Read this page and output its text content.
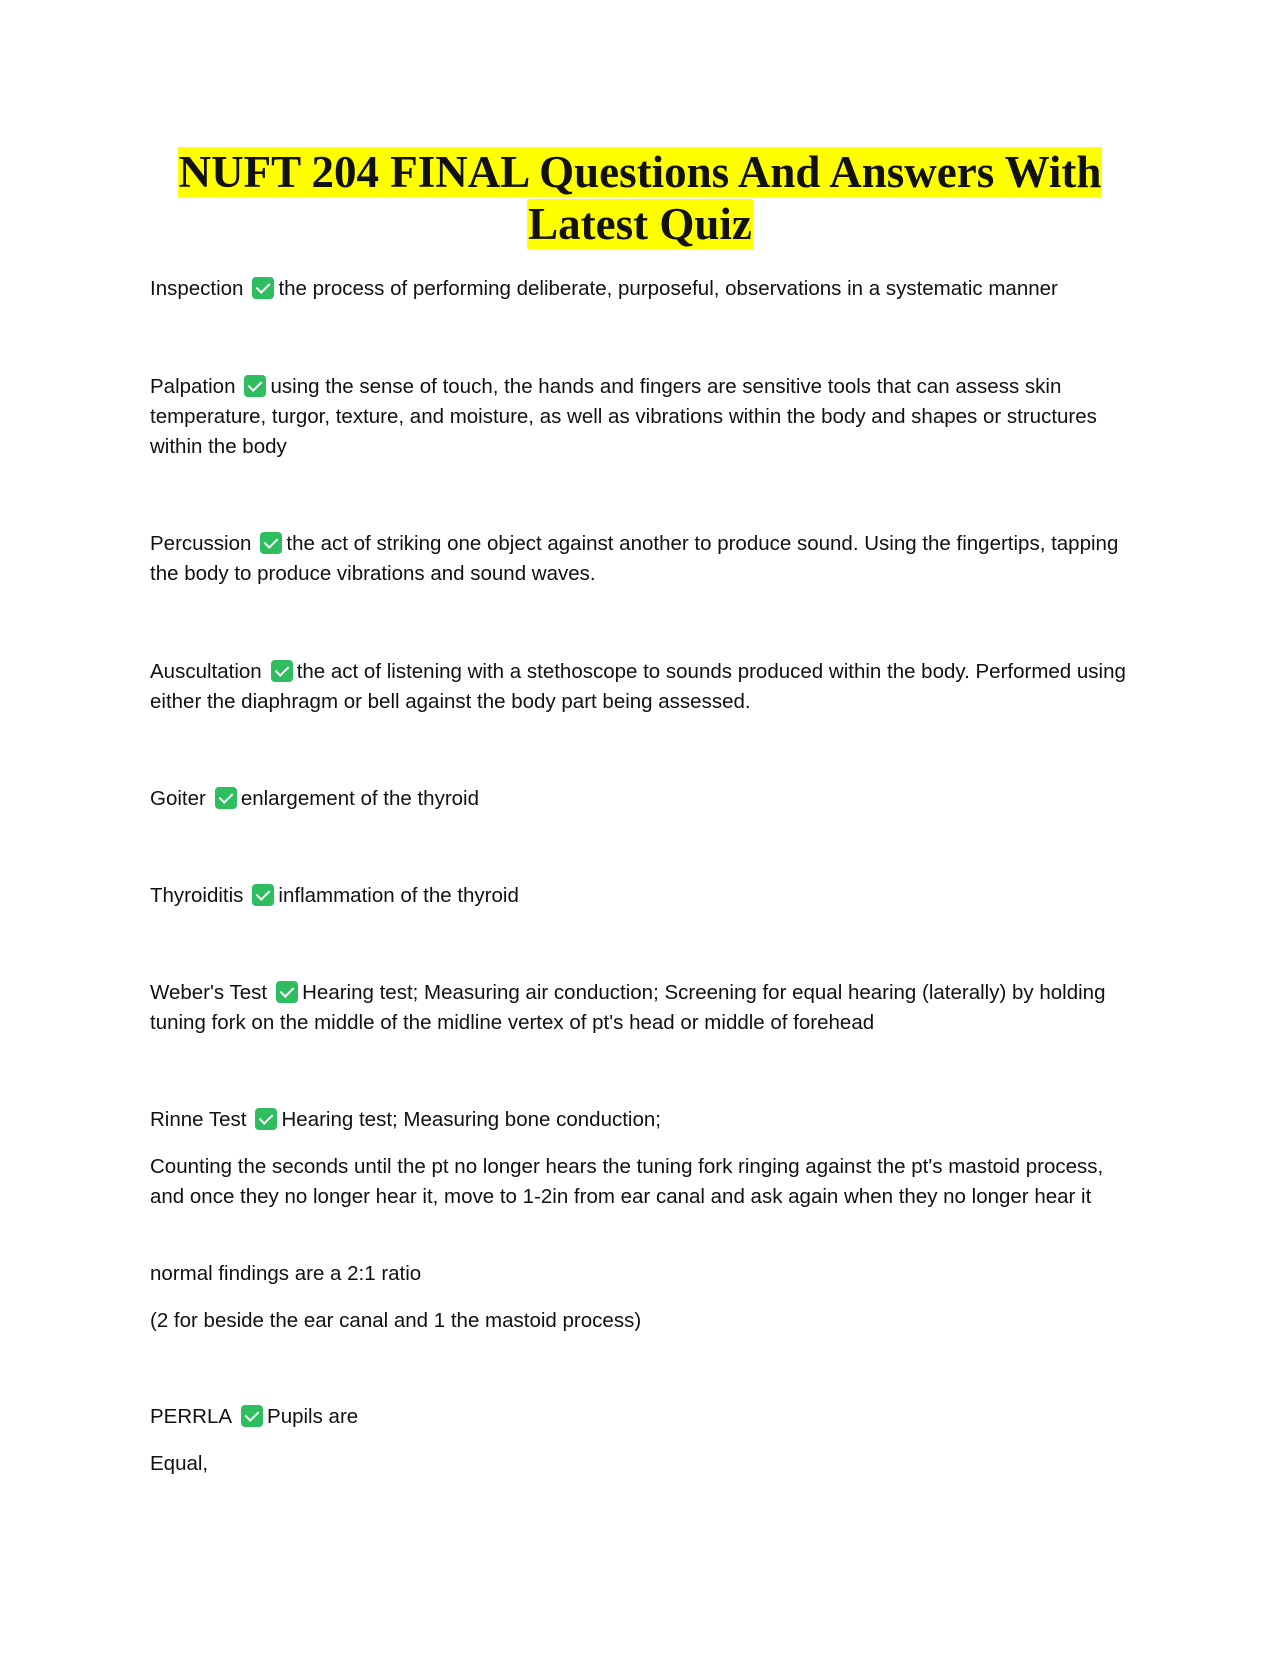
NUFT 204 FINAL Questions And Answers With
Latest Quiz

Inspection the process of performing deliberate, purposeful, observations in a systematic manner

Palpation using the sense of touch, the hands and fingers are sensitive tools that can assess skin temperature, turgor, texture, and moisture, as well as vibrations within the body and shapes or structures within the body

Percussion the act of striking one object against another to produce sound. Using the fingertips, tapping the body to produce vibrations and sound waves.

Auscultation the act of listening with a stethoscope to sounds produced within the body. Performed using either the diaphragm or bell against the body part being assessed.

Goiter enlargement of the thyroid

Thyroiditis inflammation of the thyroid

Weber's Test Hearing test; Measuring air conduction; Screening for equal hearing (laterally) by holding tuning fork on the middle of the midline vertex of pt's head or middle of forehead

Rinne Test Hearing test; Measuring bone conduction;

Counting the seconds until the pt no longer hears the tuning fork ringing against the pt's mastoid process, and once they no longer hear it, move to 1-2in from ear canal and ask again when they no longer hear it

normal findings are a 2:1 ratio

(2 for beside the ear canal and 1 the mastoid process)

PERRLA Pupils are

Equal,
